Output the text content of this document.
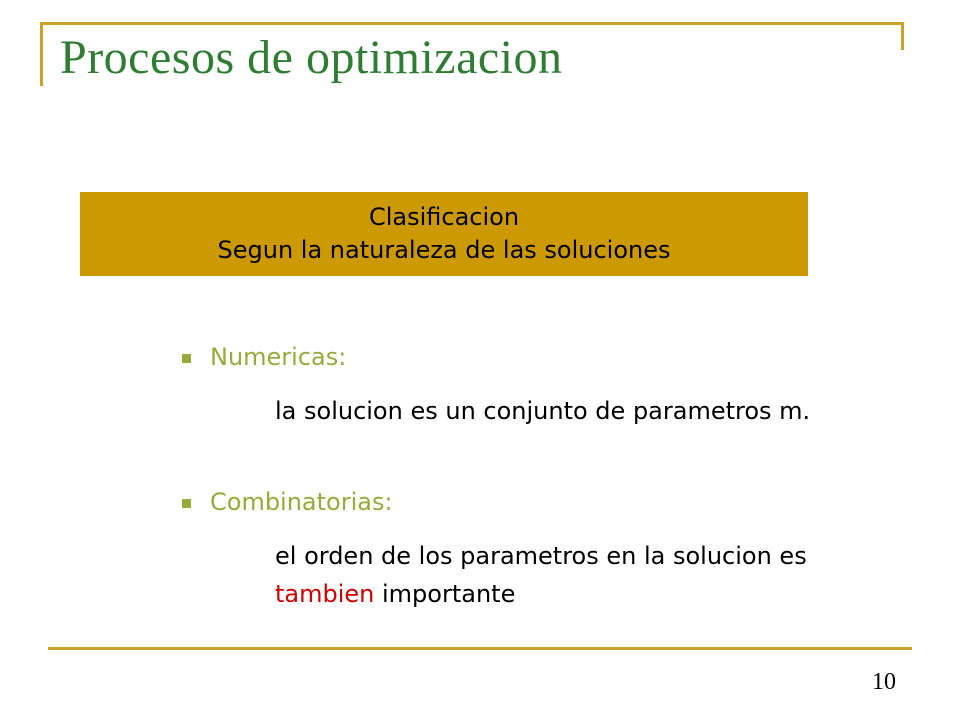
Procesos de optimizacion
Clasificacion
Segun la naturaleza de las soluciones
Numericas:
la solucion es un conjunto de parametros m.
Combinatorias:
el orden de los parametros en la solucion es tambien importante
10
